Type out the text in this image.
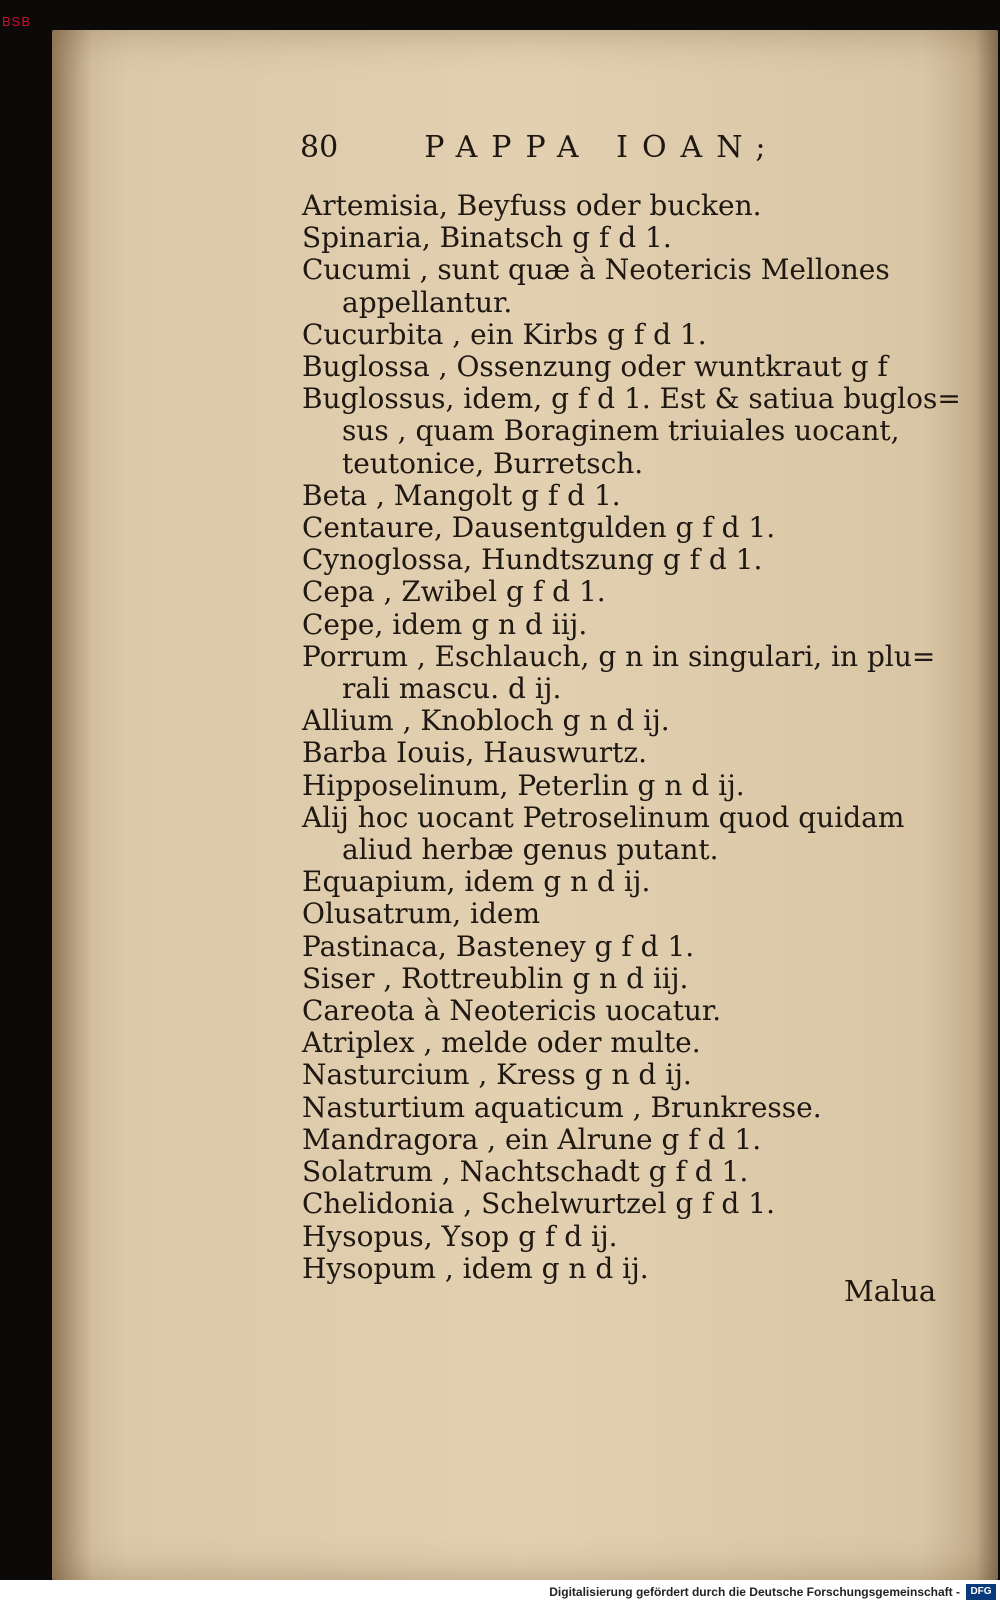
BSB
80	PAPPA IOAN;
Artemisia, Beyfuss oder bucken.
Spinaria, Binatsch g f d 1.
Cucumi , sunt quæ à Neotericis Mellones
appellantur.
Cucurbita , ein Kirbs g f d 1.
Buglossa , Ossenzung oder wuntkraut g f
Buglossus, idem, g f d 1. Est & satiua buglos=
sus , quam Boraginem triuiales uocant,
teutonice, Burretsch.
Beta , Mangolt g f d 1.
Centaure, Dausentgulden g f d 1.
Cynoglossa, Hundtszung g f d 1.
Cepa , Zwibel g f d 1.
Cepe, idem g n d iij.
Porrum , Eschlauch, g n in singulari, in plu=
rali mascu. d ij.
Allium , Knobloch g n d ij.
Barba Iouis, Hauswurtz.
Hipposelinum, Peterlin g n d ij.
Alij hoc uocant Petroselinum quod quidam
aliud herbæ genus putant.
Equapium, idem g n d ij.
Olusatrum, idem
Pastinaca, Basteney g f d 1.
Siser , Rottreublin g n d iij.
Careota à Neotericis uocatur.
Atriplex , melde oder multe.
Nasturcium , Kress g n d ij.
Nasturtium aquaticum , Brunkresse.
Mandragora , ein Alrune g f d 1.
Solatrum , Nachtschadt g f d 1.
Chelidonia , Schelwurtzel g f d 1.
Hysopus, Ysop g f d ij.
Hysopum , idem g n d ij.
Malua
Digitalisierung gefördert durch die Deutsche Forschungsgemeinschaft -	DFG
